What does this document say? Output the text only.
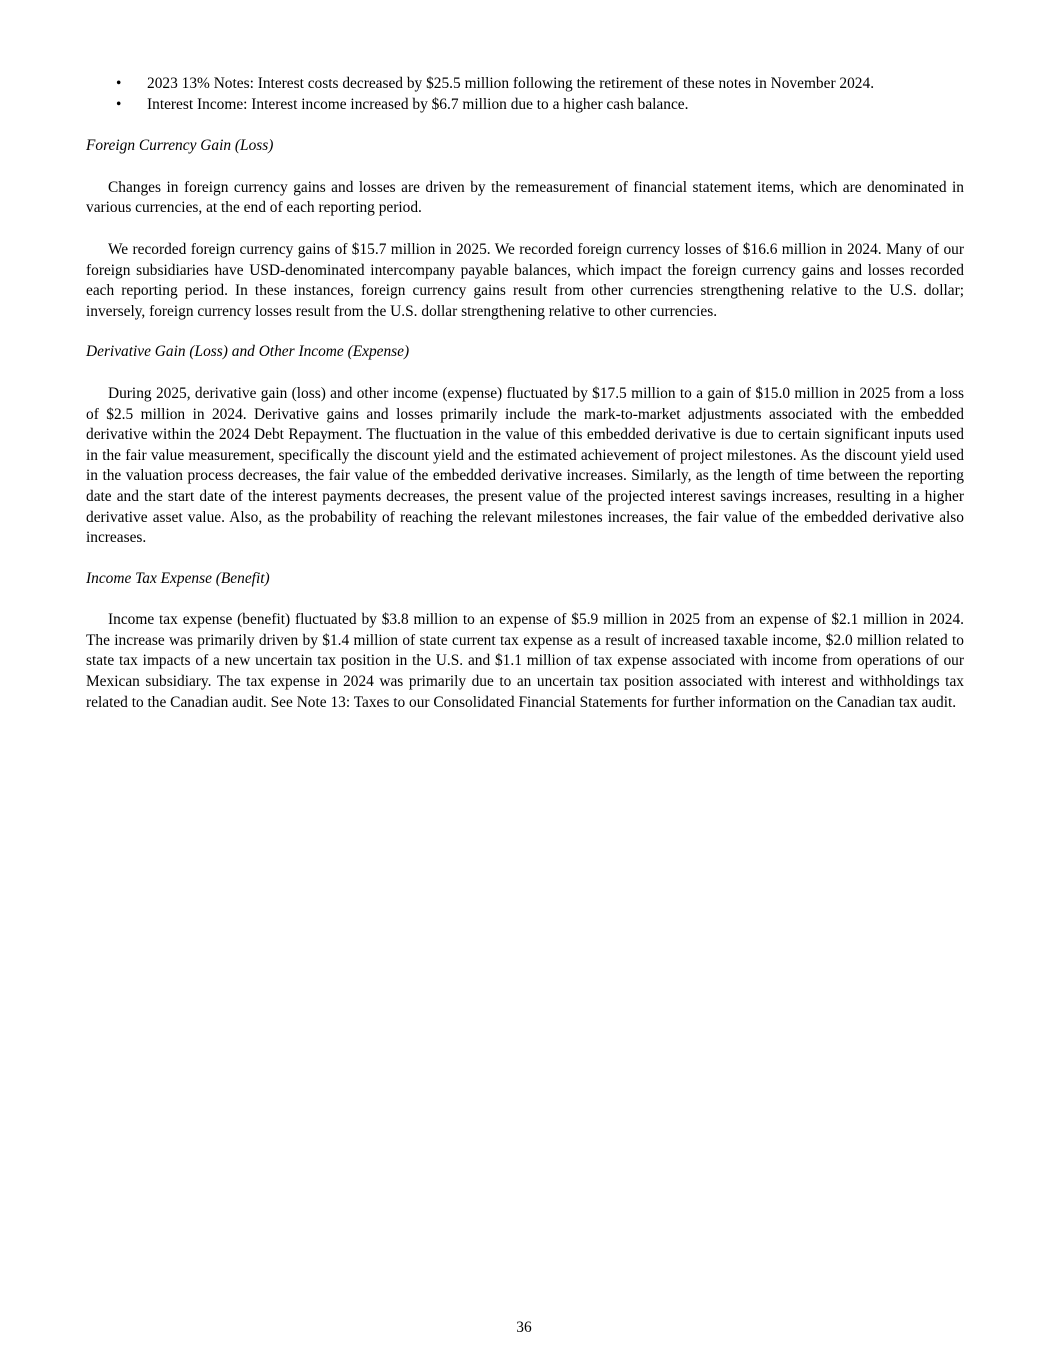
• 2023 13% Notes: Interest costs decreased by $25.5 million following the retirement of these notes in November 2024.
• Interest Income: Interest income increased by $6.7 million due to a higher cash balance.

Foreign Currency Gain (Loss)

Changes in foreign currency gains and losses are driven by the remeasurement of financial statement items, which are denominated in various currencies, at the end of each reporting period.

We recorded foreign currency gains of $15.7 million in 2025. We recorded foreign currency losses of $16.6 million in 2024. Many of our foreign subsidiaries have USD-denominated intercompany payable balances, which impact the foreign currency gains and losses recorded each reporting period. In these instances, foreign currency gains result from other currencies strengthening relative to the U.S. dollar; inversely, foreign currency losses result from the U.S. dollar strengthening relative to other currencies.

Derivative Gain (Loss) and Other Income (Expense)

During 2025, derivative gain (loss) and other income (expense) fluctuated by $17.5 million to a gain of $15.0 million in 2025 from a loss of $2.5 million in 2024. Derivative gains and losses primarily include the mark-to-market adjustments associated with the embedded derivative within the 2024 Debt Repayment. The fluctuation in the value of this embedded derivative is due to certain significant inputs used in the fair value measurement, specifically the discount yield and the estimated achievement of project milestones. As the discount yield used in the valuation process decreases, the fair value of the embedded derivative increases. Similarly, as the length of time between the reporting date and the start date of the interest payments decreases, the present value of the projected interest savings increases, resulting in a higher derivative asset value. Also, as the probability of reaching the relevant milestones increases, the fair value of the embedded derivative also increases.

Income Tax Expense (Benefit)

Income tax expense (benefit) fluctuated by $3.8 million to an expense of $5.9 million in 2025 from an expense of $2.1 million in 2024. The increase was primarily driven by $1.4 million of state current tax expense as a result of increased taxable income, $2.0 million related to state tax impacts of a new uncertain tax position in the U.S. and $1.1 million of tax expense associated with income from operations of our Mexican subsidiary. The tax expense in 2024 was primarily due to an uncertain tax position associated with interest and withholdings tax related to the Canadian audit. See Note 13: Taxes to our Consolidated Financial Statements for further information on the Canadian tax audit.

36
